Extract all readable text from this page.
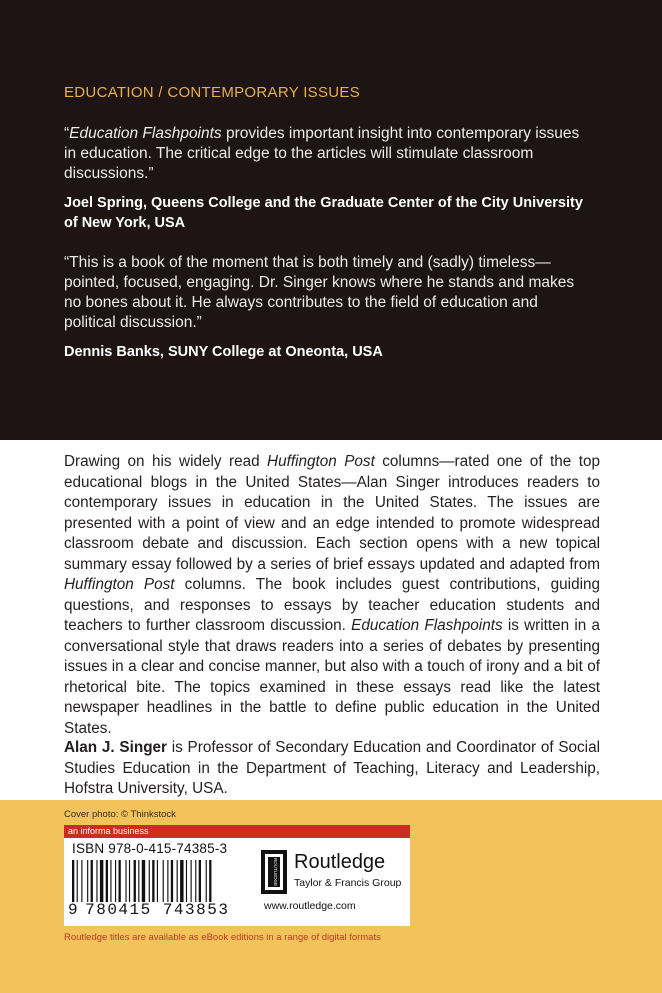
EDUCATION / CONTEMPORARY ISSUES
“Education Flashpoints provides important insight into contemporary issues in education. The critical edge to the articles will stimulate classroom discussions.”
Joel Spring, Queens College and the Graduate Center of the City University of New York, USA
“This is a book of the moment that is both timely and (sadly) timeless—pointed, focused, engaging. Dr. Singer knows where he stands and makes no bones about it. He always contributes to the field of education and political discussion.”
Dennis Banks, SUNY College at Oneonta, USA

Drawing on his widely read Huffington Post columns—rated one of the top educational blogs in the United States—Alan Singer introduces readers to contemporary issues in education in the United States. The issues are presented with a point of view and an edge intended to promote widespread classroom debate and discussion. Each section opens with a new topical summary essay followed by a series of brief essays updated and adapted from Huffington Post columns. The book includes guest contributions, guiding questions, and responses to essays by teacher education students and teachers to further classroom discussion. Education Flashpoints is written in a conversational style that draws readers into a series of debates by presenting issues in a clear and concise manner, but also with a touch of irony and a bit of rhetorical bite. The topics examined in these essays read like the latest newspaper headlines in the battle to define public education in the United States.

Alan J. Singer is Professor of Secondary Education and Coordinator of Social Studies Education in the Department of Teaching, Literacy and Leadership, Hofstra University, USA.

Cover photo: © Thinkstock
an informa business
ISBN 978-0-415-74385-3
9 780415 743853
ROUTLEDGE Routledge
Taylor & Francis Group
www.routledge.com
Routledge titles are available as eBook editions in a range of digital formats
